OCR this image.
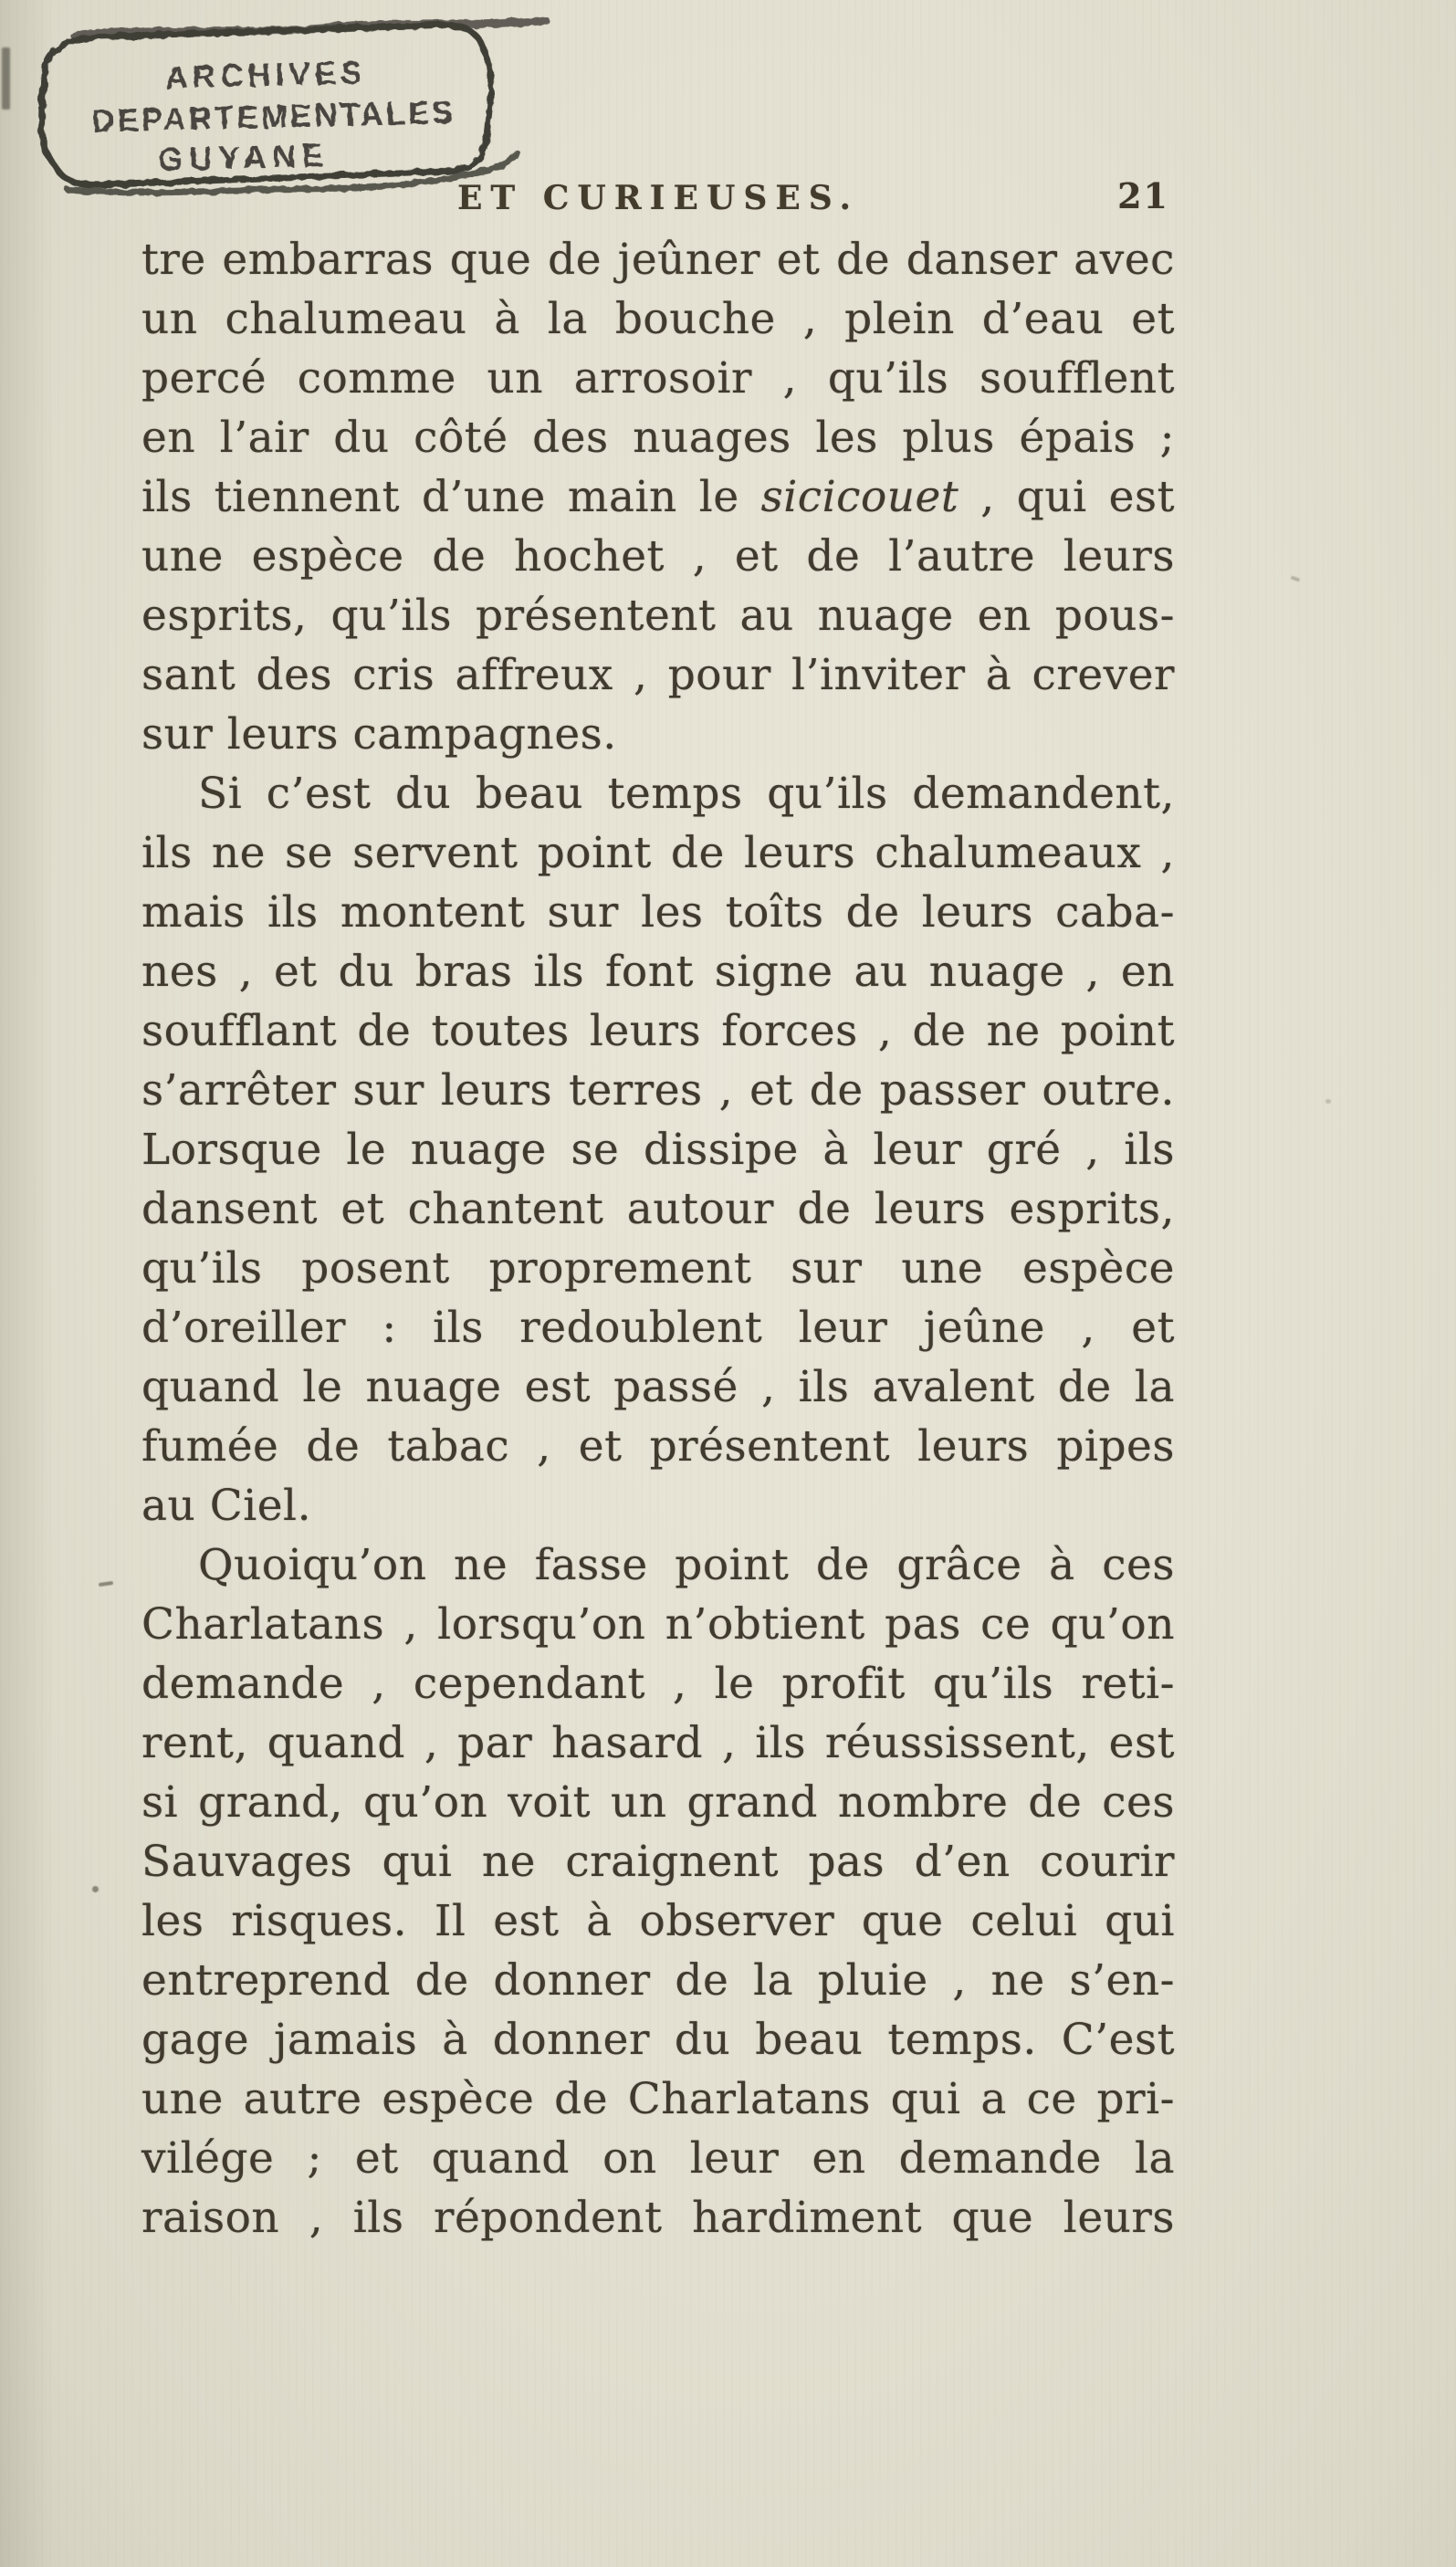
ARCHIVES
DEPARTEMENTALES
GUYANE
ET CURIEUSES.	21
tre embarras que de jeûner et de danser avec
un chalumeau à la bouche , plein d’eau et
percé comme un arrosoir , qu’ils soufflent
en l’air du côté des nuages les plus épais ;
ils tiennent d’une main le sicicouet , qui est
une espèce de hochet , et de l’autre leurs
esprits, qu’ils présentent au nuage en pous-
sant des cris affreux , pour l’inviter à crever
sur leurs campagnes.
Si c’est du beau temps qu’ils demandent,
ils ne se servent point de leurs chalumeaux ,
mais ils montent sur les toîts de leurs caba-
nes , et du bras ils font signe au nuage , en
soufflant de toutes leurs forces , de ne point
s’arrêter sur leurs terres , et de passer outre.
Lorsque le nuage se dissipe à leur gré , ils
dansent et chantent autour de leurs esprits,
qu’ils posent proprement sur une espèce
d’oreiller : ils redoublent leur jeûne , et
quand le nuage est passé , ils avalent de la
fumée de tabac , et présentent leurs pipes
au Ciel.
Quoiqu’on ne fasse point de grâce à ces
Charlatans , lorsqu’on n’obtient pas ce qu’on
demande , cependant , le profit qu’ils reti-
rent, quand , par hasard , ils réussissent, est
si grand, qu’on voit un grand nombre de ces
Sauvages qui ne craignent pas d’en courir
les risques. Il est à observer que celui qui
entreprend de donner de la pluie , ne s’en-
gage jamais à donner du beau temps. C’est
une autre espèce de Charlatans qui a ce pri-
vilége ; et quand on leur en demande la
raison , ils répondent hardiment que leurs
